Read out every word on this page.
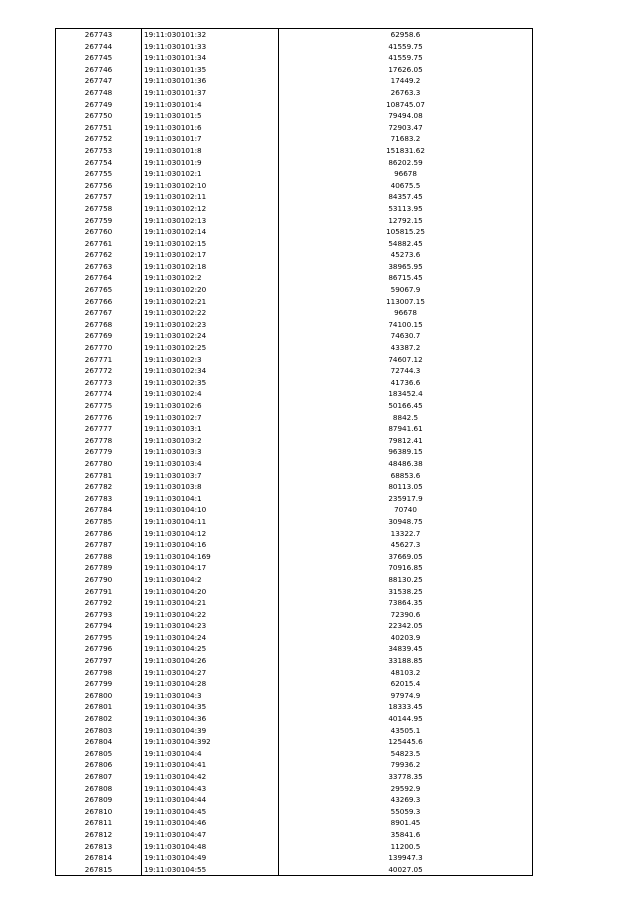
267743	19:11:030101:32	62958.6
267744	19:11:030101:33	41559.75
267745	19:11:030101:34	41559.75
267746	19:11:030101:35	17626.05
267747	19:11:030101:36	17449.2
267748	19:11:030101:37	26763.3
267749	19:11:030101:4	108745.07
267750	19:11:030101:5	79494.08
267751	19:11:030101:6	72903.47
267752	19:11:030101:7	71683.2
267753	19:11:030101:8	151831.62
267754	19:11:030101:9	86202.59
267755	19:11:030102:1	96678
267756	19:11:030102:10	40675.5
267757	19:11:030102:11	84357.45
267758	19:11:030102:12	53113.95
267759	19:11:030102:13	12792.15
267760	19:11:030102:14	105815.25
267761	19:11:030102:15	54882.45
267762	19:11:030102:17	45273.6
267763	19:11:030102:18	38965.95
267764	19:11:030102:2	86715.45
267765	19:11:030102:20	59067.9
267766	19:11:030102:21	113007.15
267767	19:11:030102:22	96678
267768	19:11:030102:23	74100.15
267769	19:11:030102:24	74630.7
267770	19:11:030102:25	43387.2
267771	19:11:030102:3	74607.12
267772	19:11:030102:34	72744.3
267773	19:11:030102:35	41736.6
267774	19:11:030102:4	183452.4
267775	19:11:030102:6	50166.45
267776	19:11:030102:7	8842.5
267777	19:11:030103:1	87941.61
267778	19:11:030103:2	79812.41
267779	19:11:030103:3	96389.15
267780	19:11:030103:4	48486.38
267781	19:11:030103:7	68853.6
267782	19:11:030103:8	80113.05
267783	19:11:030104:1	235917.9
267784	19:11:030104:10	70740
267785	19:11:030104:11	30948.75
267786	19:11:030104:12	13322.7
267787	19:11:030104:16	45627.3
267788	19:11:030104:169	37669.05
267789	19:11:030104:17	70916.85
267790	19:11:030104:2	88130.25
267791	19:11:030104:20	31538.25
267792	19:11:030104:21	73864.35
267793	19:11:030104:22	72390.6
267794	19:11:030104:23	22342.05
267795	19:11:030104:24	40203.9
267796	19:11:030104:25	34839.45
267797	19:11:030104:26	33188.85
267798	19:11:030104:27	48103.2
267799	19:11:030104:28	62015.4
267800	19:11:030104:3	97974.9
267801	19:11:030104:35	18333.45
267802	19:11:030104:36	40144.95
267803	19:11:030104:39	43505.1
267804	19:11:030104:392	125445.6
267805	19:11:030104:4	54823.5
267806	19:11:030104:41	79936.2
267807	19:11:030104:42	33778.35
267808	19:11:030104:43	29592.9
267809	19:11:030104:44	43269.3
267810	19:11:030104:45	55059.3
267811	19:11:030104:46	8901.45
267812	19:11:030104:47	35841.6
267813	19:11:030104:48	11200.5
267814	19:11:030104:49	139947.3
267815	19:11:030104:55	40027.05
